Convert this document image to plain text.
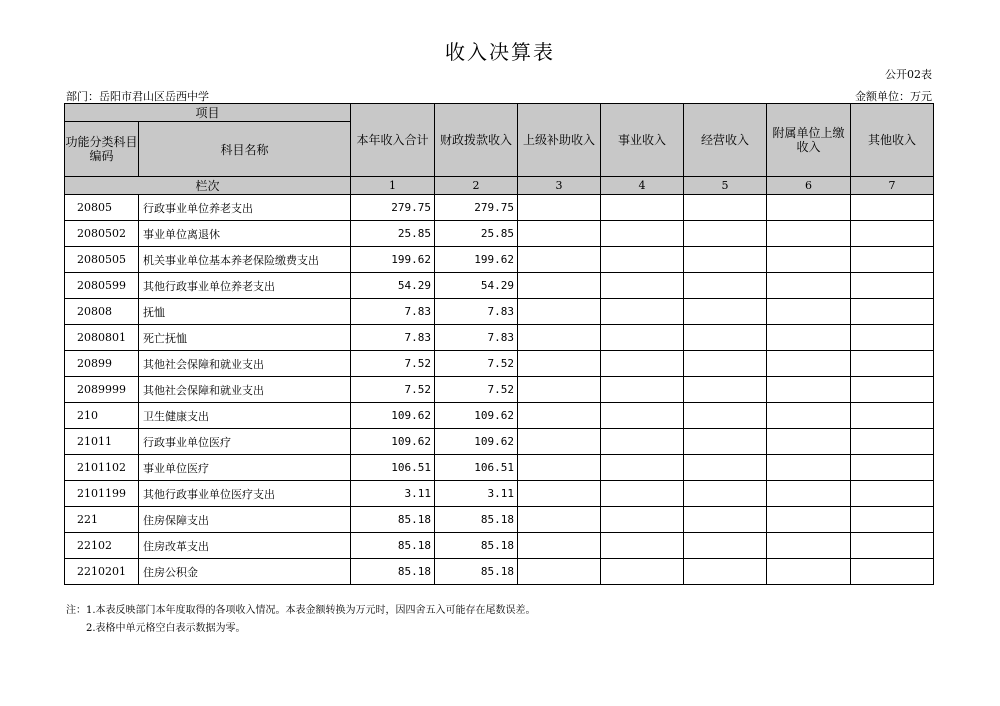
收入决算表
公开02表
部门：岳阳市君山区岳西中学	金额单位：万元
项目		本年收入合计	财政拨款收入	上级补助收入	事业收入	经营收入	附属单位上缴收入	其他收入
功能分类科目编码	科目名称							
栏次		1	2	3	4	5	6	7
20805	行政事业单位养老支出	279.75	279.75					
2080502	事业单位离退休	25.85	25.85					
2080505	机关事业单位基本养老保险缴费支出	199.62	199.62					
2080599	其他行政事业单位养老支出	54.29	54.29					
20808	抚恤	7.83	7.83					
2080801	死亡抚恤	7.83	7.83					
20899	其他社会保障和就业支出	7.52	7.52					
2089999	其他社会保障和就业支出	7.52	7.52					
210	卫生健康支出	109.62	109.62					
21011	行政事业单位医疗	109.62	109.62					
2101102	事业单位医疗	106.51	106.51					
2101199	其他行政事业单位医疗支出	3.11	3.11					
221	住房保障支出	85.18	85.18					
22102	住房改革支出	85.18	85.18					
2210201	住房公积金	85.18	85.18					
注：1.本表反映部门本年度取得的各项收入情况。本表金额转换为万元时，因四舍五入可能存在尾数误差。
2.表格中单元格空白表示数据为零。
